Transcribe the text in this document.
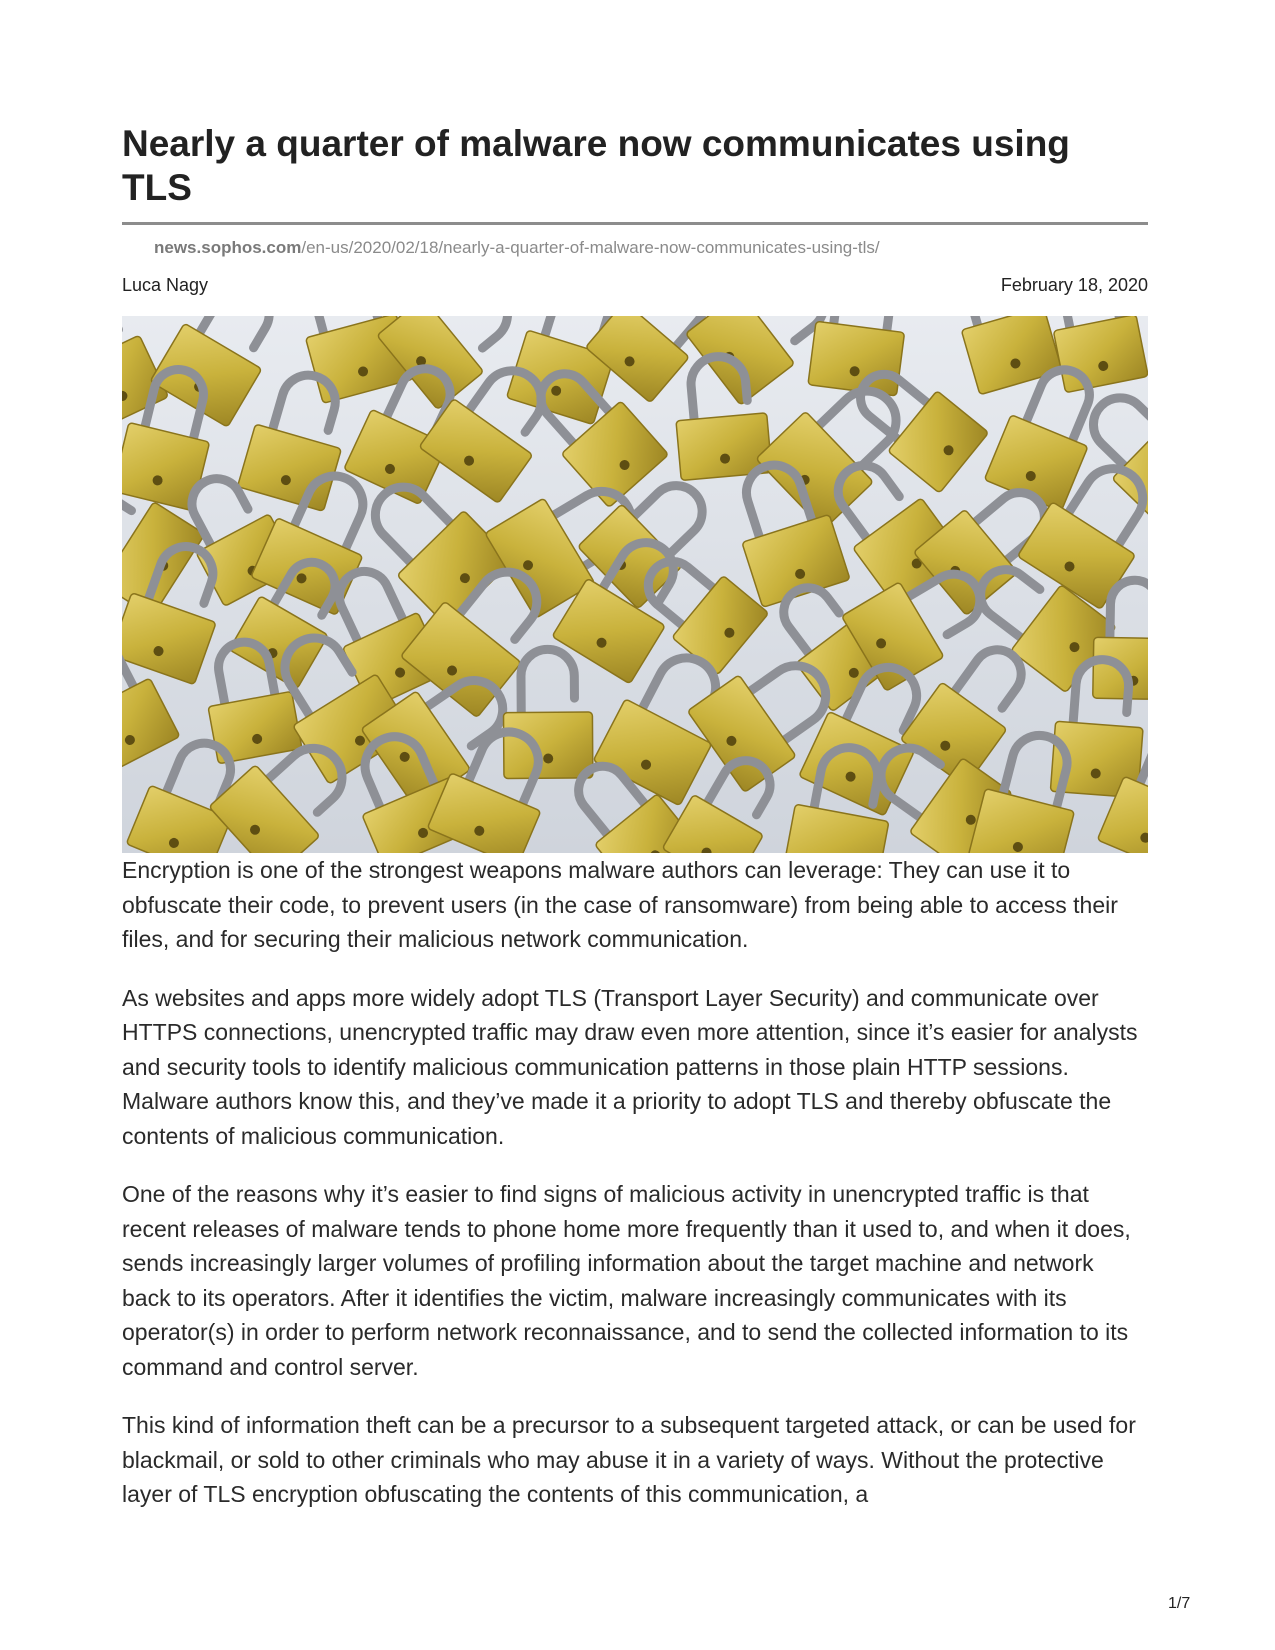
Nearly a quarter of malware now communicates using TLS
news.sophos.com/en-us/2020/02/18/nearly-a-quarter-of-malware-now-communicates-using-tls/
Luca Nagy	February 18, 2020

Encryption is one of the strongest weapons malware authors can leverage: They can use it to obfuscate their code, to prevent users (in the case of ransomware) from being able to access their files, and for securing their malicious network communication.

As websites and apps more widely adopt TLS (Transport Layer Security) and communicate over HTTPS connections, unencrypted traffic may draw even more attention, since it’s easier for analysts and security tools to identify malicious communication patterns in those plain HTTP sessions. Malware authors know this, and they’ve made it a priority to adopt TLS and thereby obfuscate the contents of malicious communication.

One of the reasons why it’s easier to find signs of malicious activity in unencrypted traffic is that recent releases of malware tends to phone home more frequently than it used to, and when it does, sends increasingly larger volumes of profiling information about the target machine and network back to its operators. After it identifies the victim, malware increasingly communicates with its operator(s) in order to perform network reconnaissance, and to send the collected information to its command and control server.

This kind of information theft can be a precursor to a subsequent targeted attack, or can be used for blackmail, or sold to other criminals who may abuse it in a variety of ways. Without the protective layer of TLS encryption obfuscating the contents of this communication, a

1/7
